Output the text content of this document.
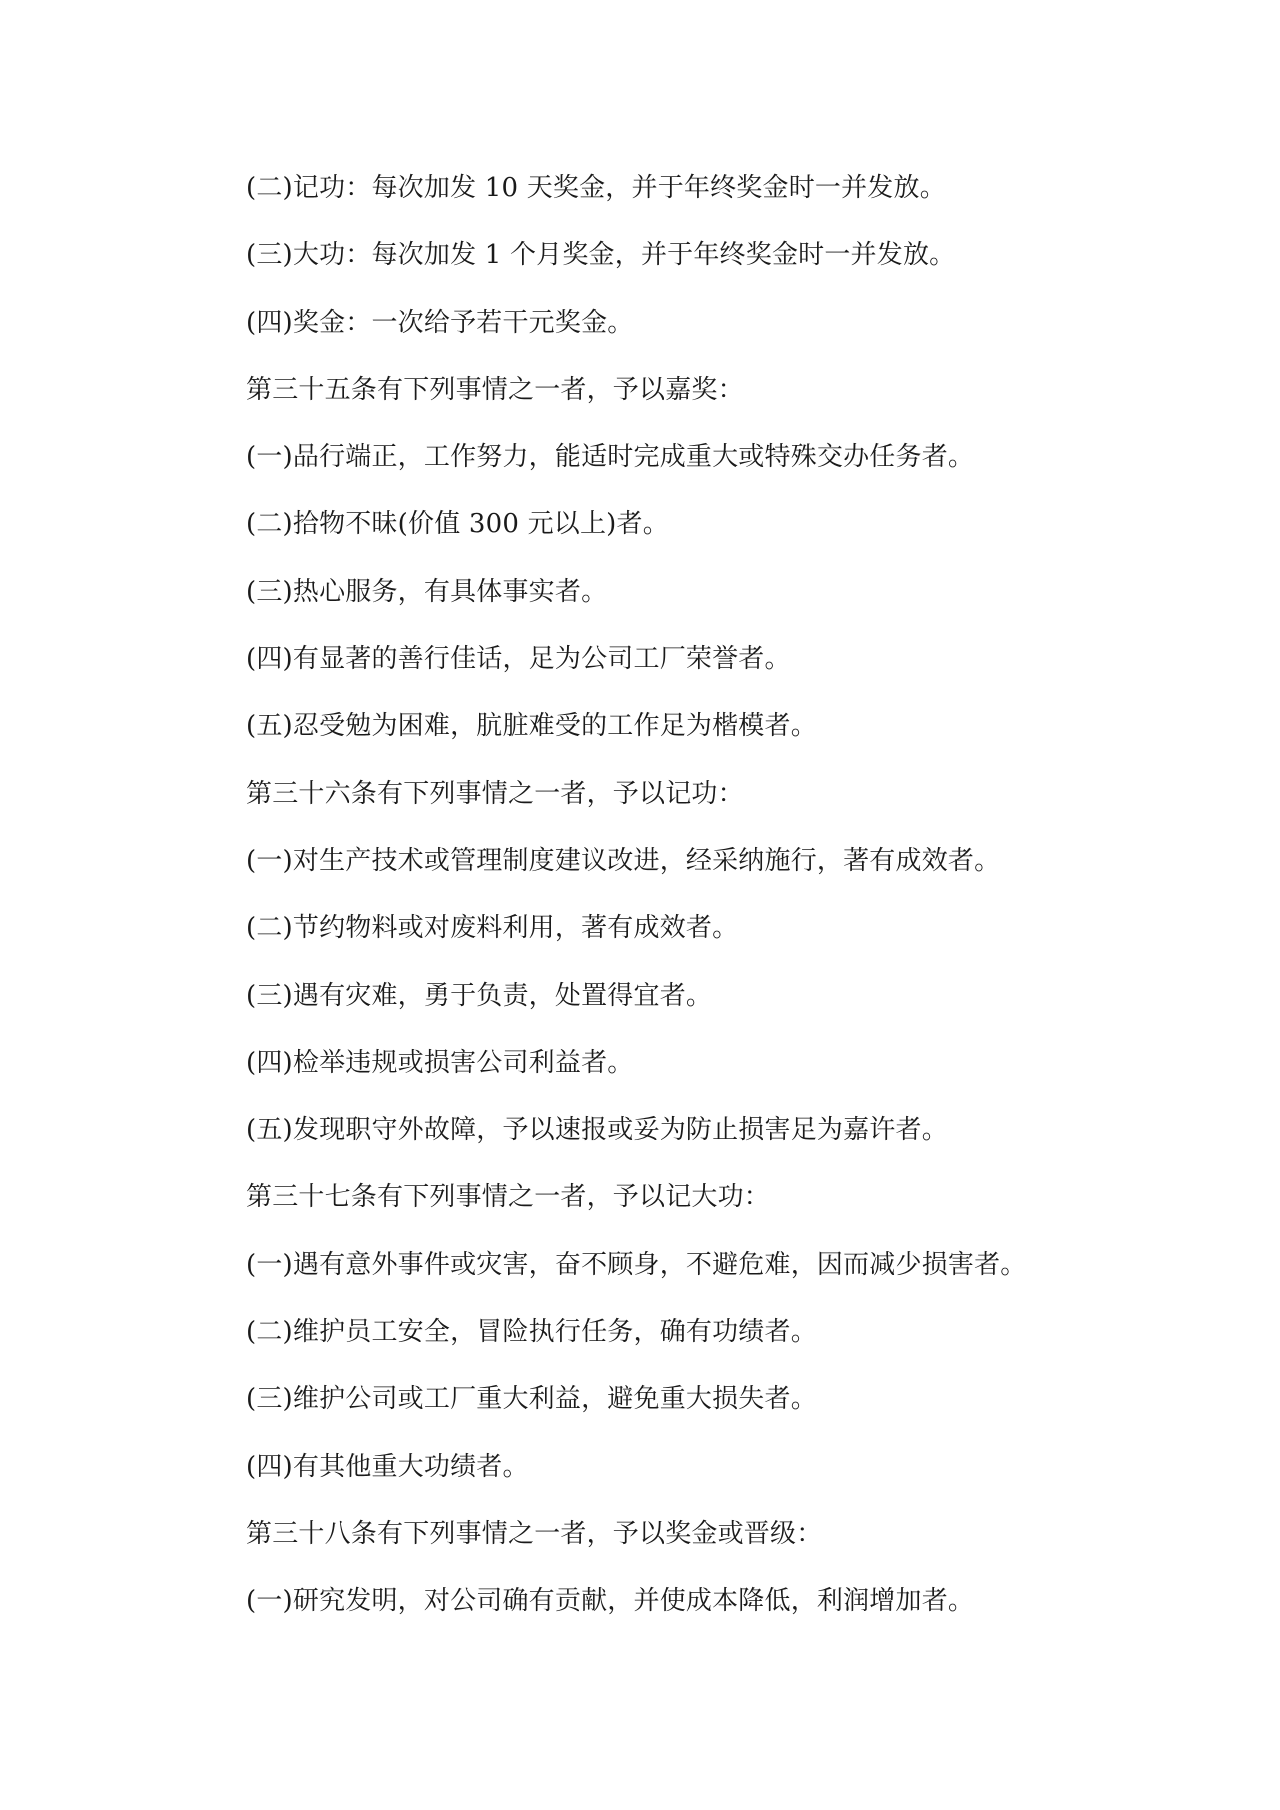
(二)记功：每次加发 10 天奖金，并于年终奖金时一并发放。

(三)大功：每次加发 1 个月奖金，并于年终奖金时一并发放。

(四)奖金：一次给予若干元奖金。

第三十五条有下列事情之一者，予以嘉奖：

(一)品行端正，工作努力，能适时完成重大或特殊交办任务者。

(二)拾物不昧(价值 300 元以上)者。

(三)热心服务，有具体事实者。

(四)有显著的善行佳话，足为公司工厂荣誉者。

(五)忍受勉为困难，肮脏难受的工作足为楷模者。

第三十六条有下列事情之一者，予以记功：

(一)对生产技术或管理制度建议改进，经采纳施行，著有成效者。

(二)节约物料或对废料利用，著有成效者。

(三)遇有灾难，勇于负责，处置得宜者。

(四)检举违规或损害公司利益者。

(五)发现职守外故障，予以速报或妥为防止损害足为嘉许者。

第三十七条有下列事情之一者，予以记大功：

(一)遇有意外事件或灾害，奋不顾身，不避危难，因而减少损害者。

(二)维护员工安全，冒险执行任务，确有功绩者。

(三)维护公司或工厂重大利益，避免重大损失者。

(四)有其他重大功绩者。

第三十八条有下列事情之一者，予以奖金或晋级：

(一)研究发明，对公司确有贡献，并使成本降低，利润增加者。
